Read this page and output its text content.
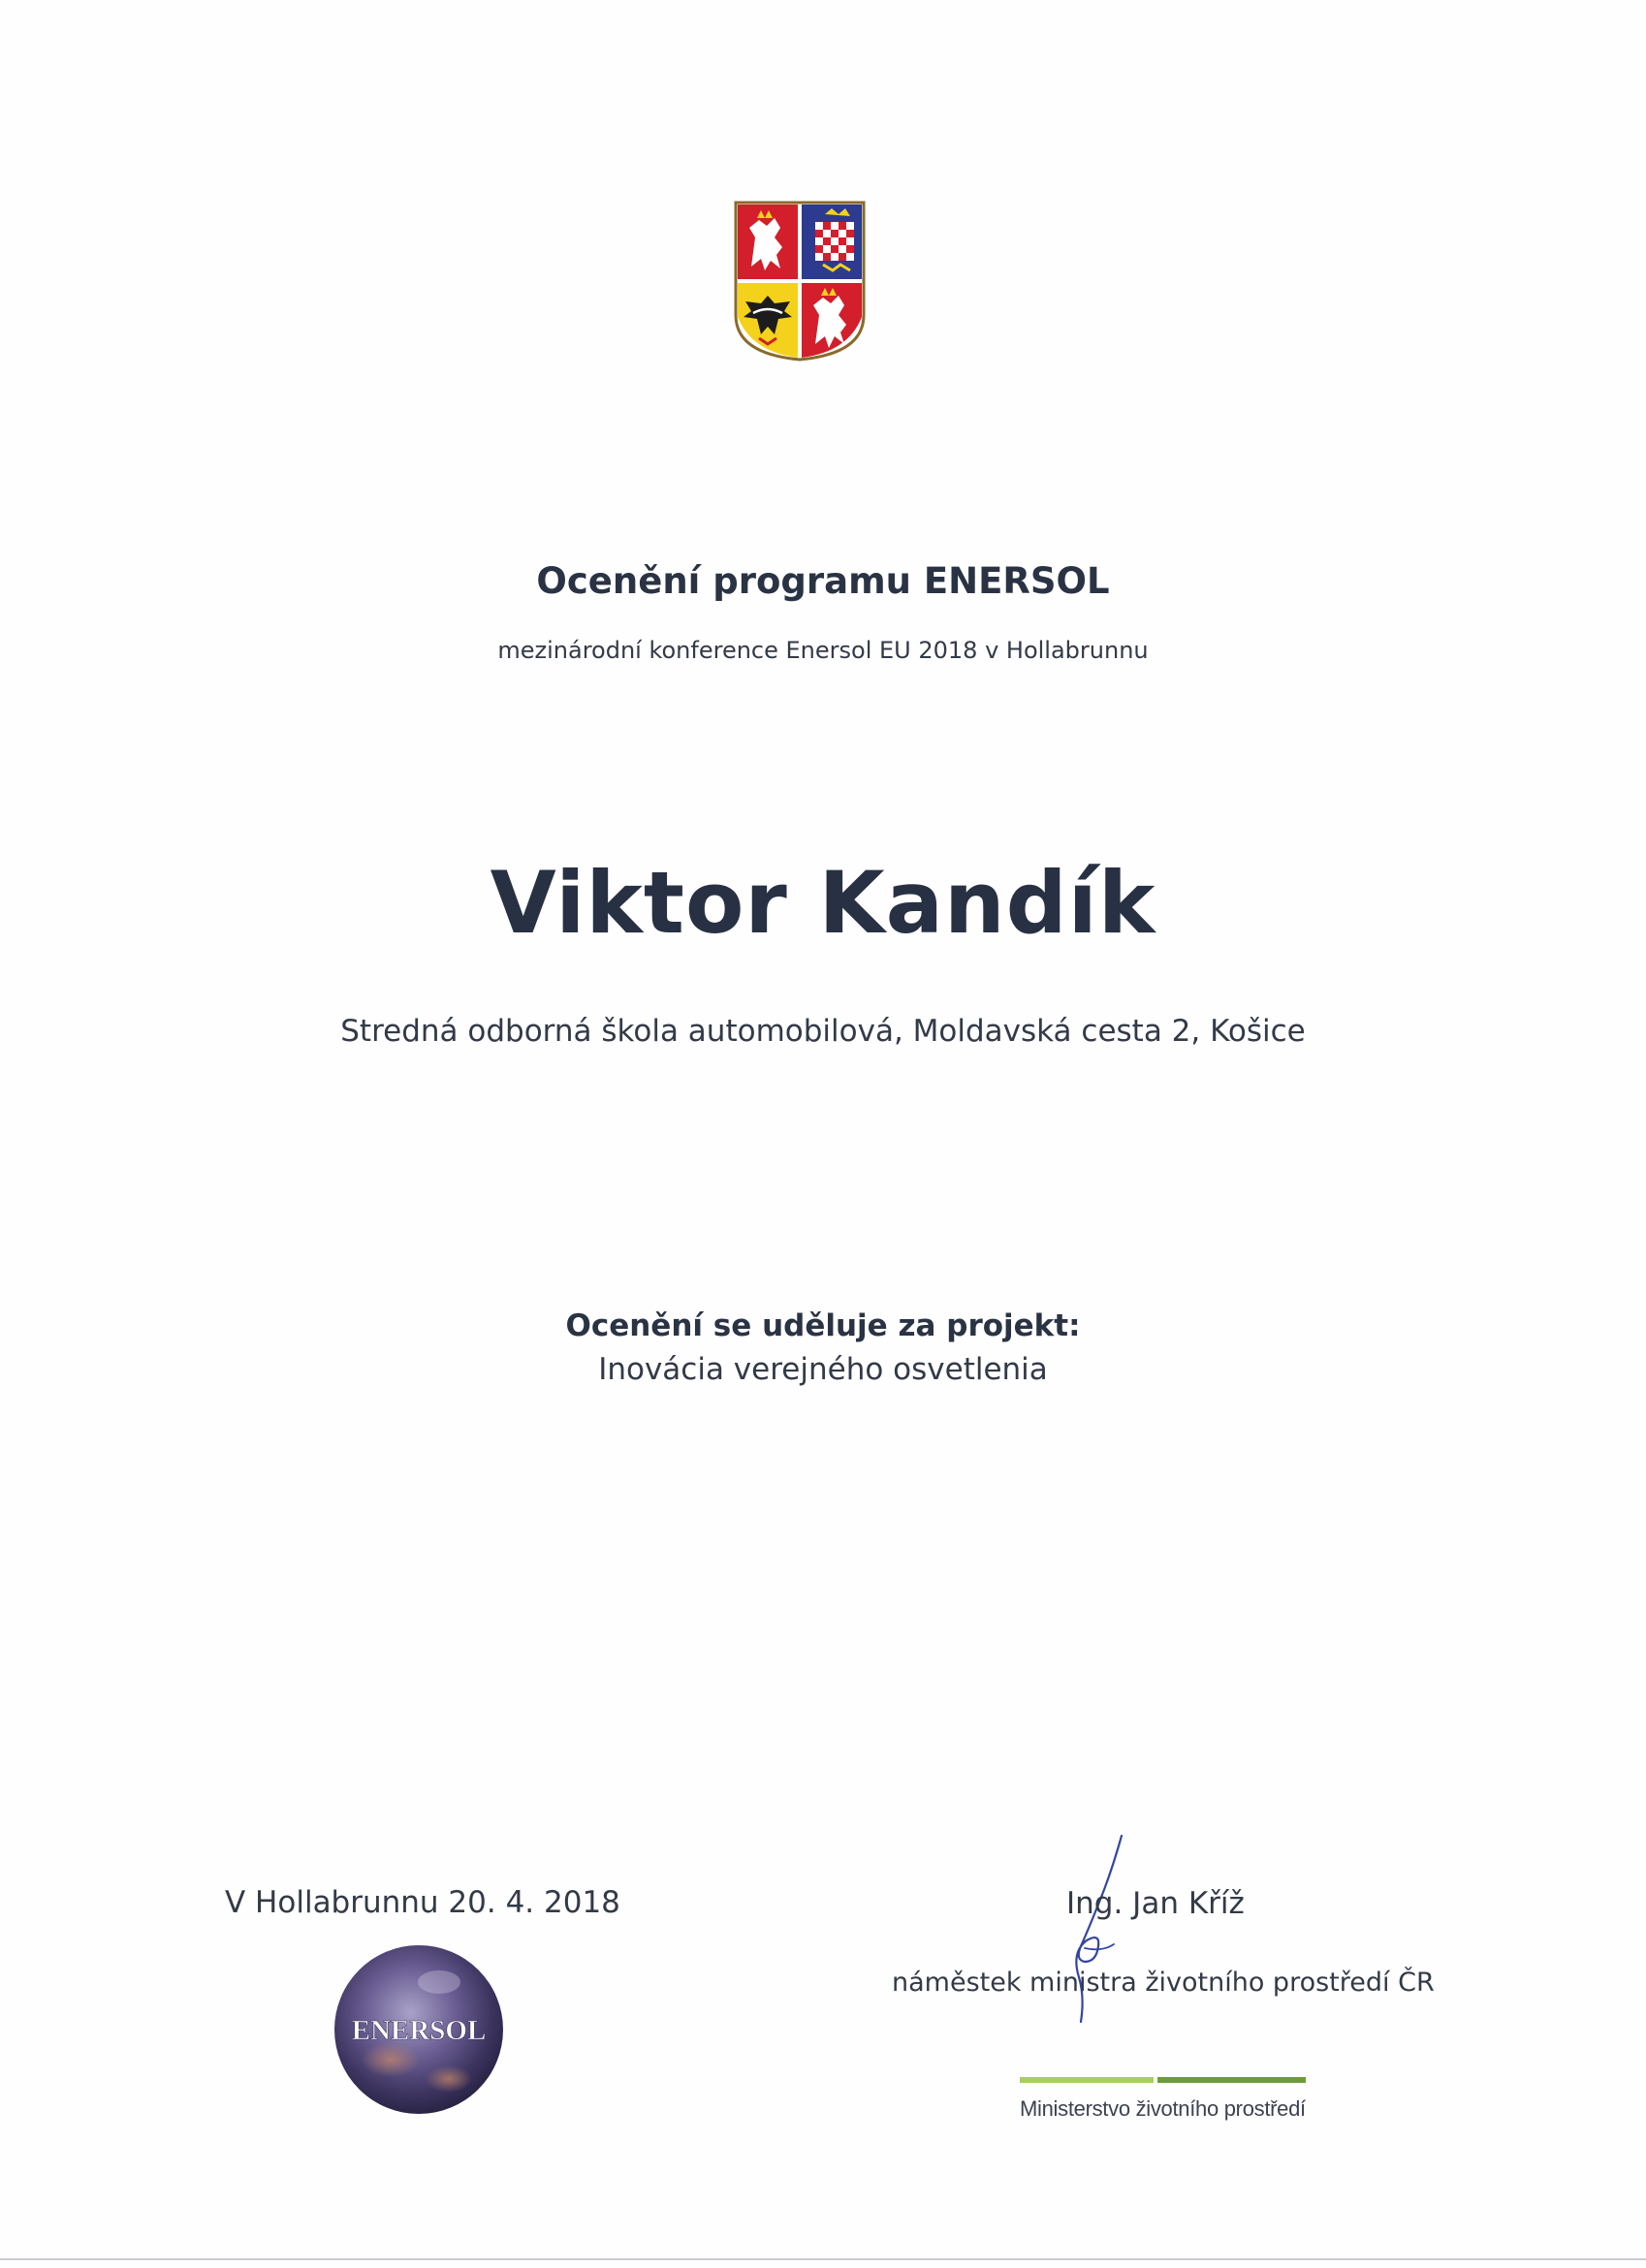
Ocenění programu ENERSOL
mezinárodní konference Enersol EU 2018 v Hollabrunnu
Viktor Kandík
Stredná odborná škola automobilová, Moldavská cesta 2, Košice
Ocenění se uděluje za projekt:
Inovácia verejného osvetlenia
V Hollabrunnu 20. 4. 2018
ENERSOL
Ing. Jan Kříž
náměstek ministra životního prostředí ČR
Ministerstvo životního prostředí
